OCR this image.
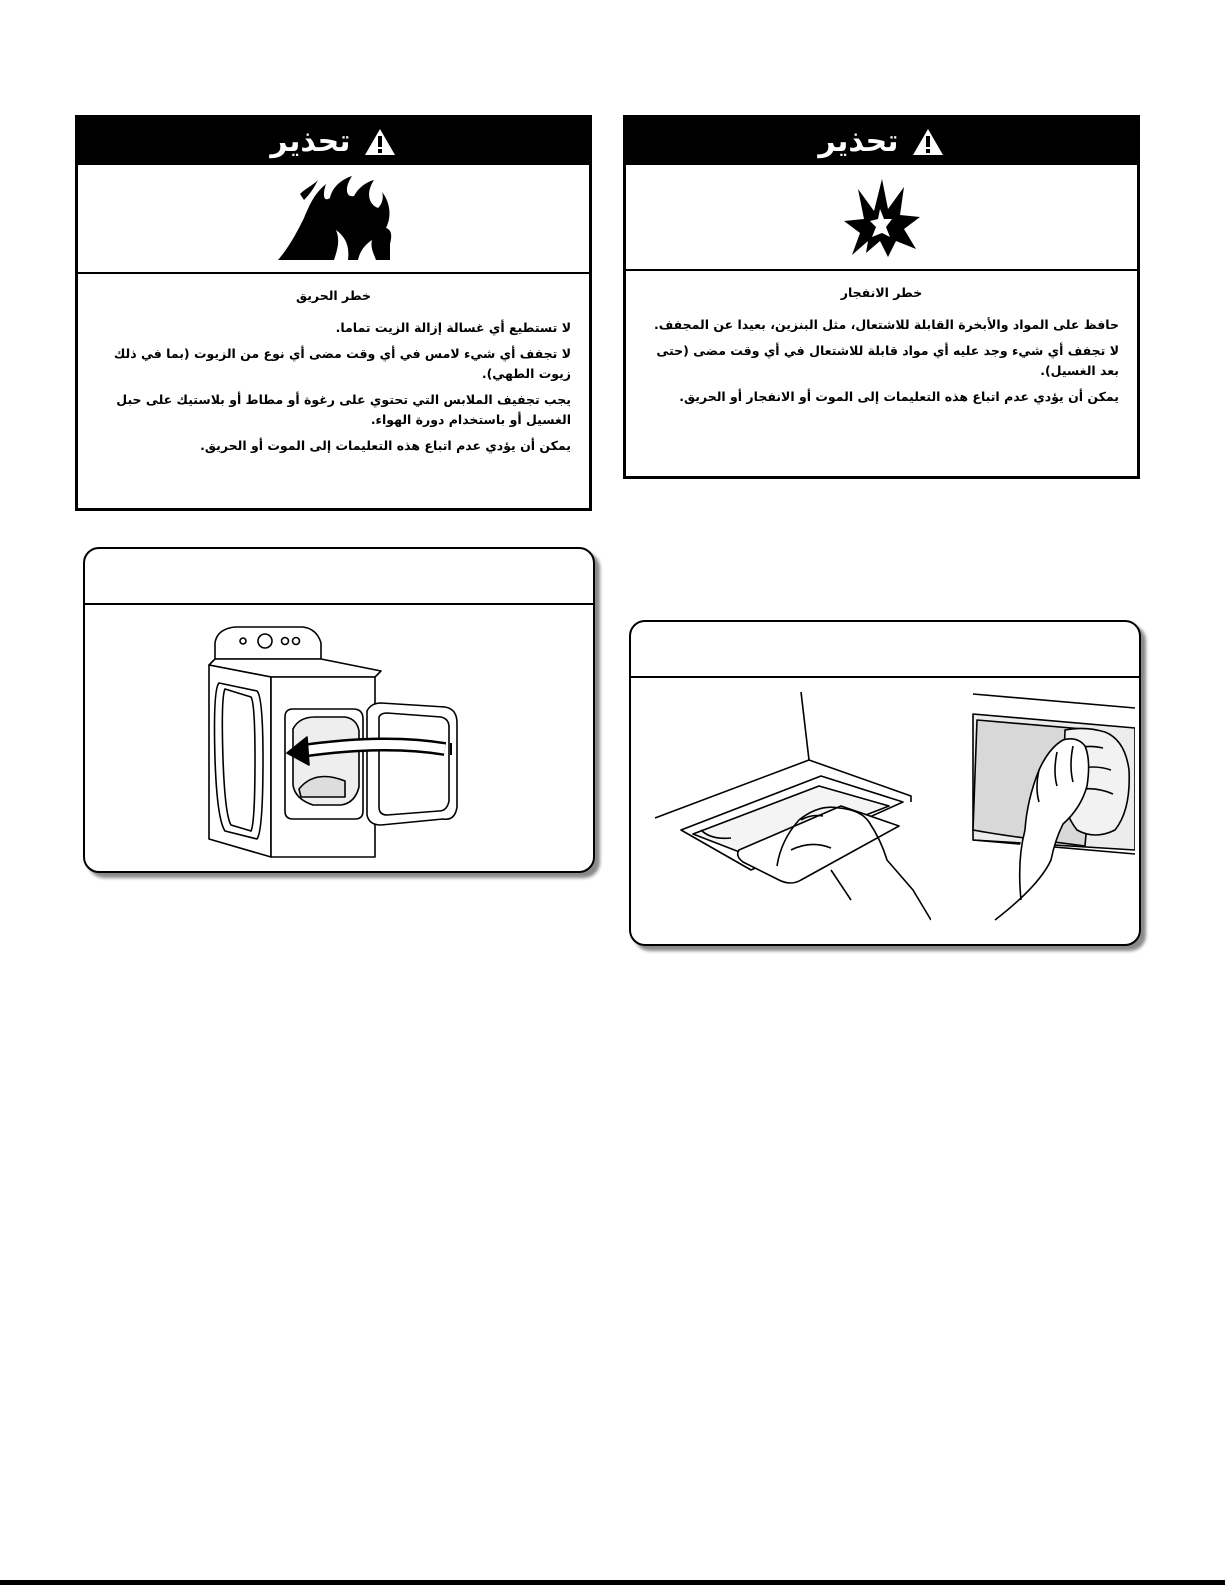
تحذير

خطر الحريق

لا تستطيع أي غسالة إزالة الزيت تماما.

لا تجفف أي شيء لامس في أي وقت مضى أي نوع من الزيوت (بما في ذلك زيوت الطهي).

يجب تجفيف الملابس التي تحتوي على رغوة أو مطاط أو بلاستيك على حبل الغسيل أو باستخدام دورة الهواء.

يمكن أن يؤدي عدم اتباع هذه التعليمات إلى الموت أو الحريق.

تحذير

خطر الانفجار

حافظ على المواد والأبخرة القابلة للاشتعال، مثل البنزين، بعيدا عن المجفف.

لا تجفف أي شيء وجد عليه أي مواد قابلة للاشتعال في أي وقت مضى (حتى بعد الغسيل).

يمكن أن يؤدي عدم اتباع هذه التعليمات إلى الموت أو الانفجار أو الحريق.
